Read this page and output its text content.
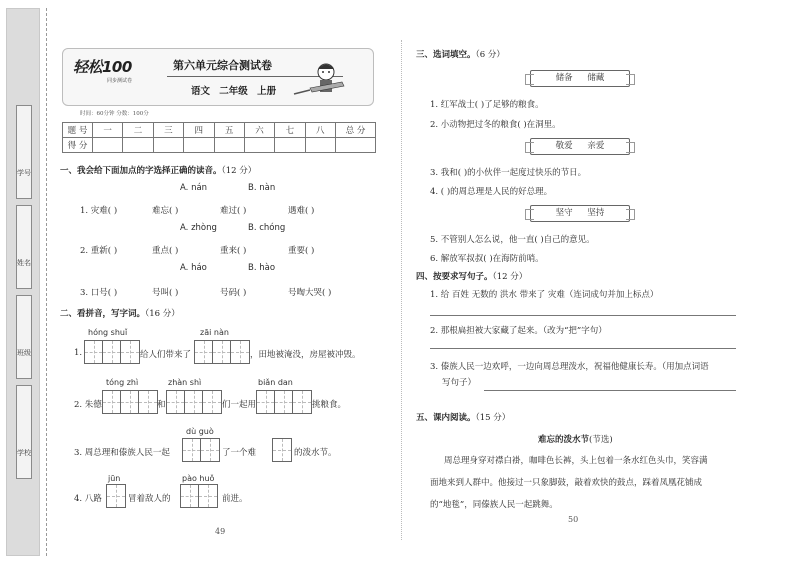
学号
姓名
班级
学校
轻松100
同步测试卷
第六单元综合测试卷
语文 二年级 上册
时间：60分钟 分数：100分
题 号	一	二	三	四	五	六	七	八	总 分
得 分									
一、我会给下面加点的字选择正确的读音。（12 分）
A. nán	B. nàn
1. 灾难( )	难忘( )	难过( )	遇难( )
A. zhòng	B. chóng
2. 重新( )	重点( )	重来( )	重要( )
A. háo	B. hào
3. 口号( )	号叫( )	号码( )	号啕大哭( )
二、看拼音，写字词。（16 分）
hóng shuǐ	zāi nàn
1.	给人们带来了	，田地被淹没，房屋被冲毁。
tóng zhì	zhàn shì	biǎn dan
2. 朱德	和	们一起用	挑粮食。
dù guò
3. 周总理和傣族人民一起	了一个难	的泼水节。
jūn	pào huǒ
4. 八路	冒着敌人的	前进。
49
三、选词填空。（6 分）
储备 储藏
1. 红军战士( )了足够的粮食。
2. 小动物把过冬的粮食( )在洞里。
敬爱 亲爱
3. 我和( )的小伙伴一起度过快乐的节日。
4. ( )的周总理是人民的好总理。
坚守 坚持
5. 不管别人怎么说，他一直( )自己的意见。
6. 解放军叔叔( )在海防前哨。
四、按要求写句子。（12 分）
1. 给 百姓 无数的 洪水 带来了 灾难（连词成句并加上标点）
2. 那根扁担被大家藏了起来。（改为“把”字句）
3. 傣族人民一边欢呼，一边向周总理泼水，祝福他健康长寿。（用加点词语
写句子）
五、课内阅读。（15 分）
难忘的泼水节(节选)
周总理身穿对襟白褂，咖啡色长裤，头上包着一条水红色头巾，笑容满
面地来到人群中。他接过一只象脚鼓，敲着欢快的鼓点，踩着凤凰花铺成
的“地毯”，同傣族人民一起跳舞。
50
